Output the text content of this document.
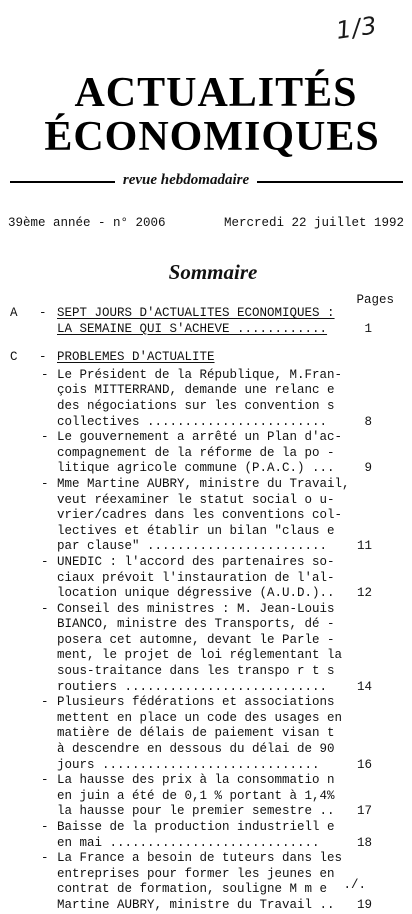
1/3
ACTUALITÉS
ÉCONOMIQUES
revue hebdomadaire
39ème année - n° 2006	Mercredi 22 juillet 1992
Sommaire
Pages
A - SEPT JOURS D'ACTUALITES ECONOMIQUES :
LA SEMAINE QUI S'ACHEVE ............	1
C - PROBLEMES D'ACTUALITE
- Le Président de la République, M.Fran-
çois MITTERRAND, demande une relanc e
des négociations sur les convention s
collectives ........................	8
- Le gouvernement a arrêté un Plan d'ac-
compagnement de la réforme de la po -
litique agricole commune (P.A.C.) ...	9
- Mme Martine AUBRY, ministre du Travail,
veut réexaminer le statut social o u-
vrier/cadres dans les conventions col-
lectives et établir un bilan "claus e
par clause" ........................	11
- UNEDIC : l'accord des partenaires so-
ciaux prévoit l'instauration de l'al-
location unique dégressive (A.U.D.)..	12
- Conseil des ministres : M. Jean-Louis
BIANCO, ministre des Transports, dé -
posera cet automne, devant le Parle -
ment, le projet de loi réglementant la
sous-traitance dans les transpo r t s
routiers ...........................	14
- Plusieurs fédérations et associations
mettent en place un code des usages en
matière de délais de paiement visan t
à descendre en dessous du délai de 90
jours .............................	16
- La hausse des prix à la consommatio n
en juin a été de 0,1 % portant à 1,4%
la hausse pour le premier semestre ..	17
- Baisse de la production industriell e
en mai ............................	18
- La France a besoin de tuteurs dans les
entreprises pour former les jeunes en
contrat de formation, souligne M m e
Martine AUBRY, ministre du Travail ..	19
./.
